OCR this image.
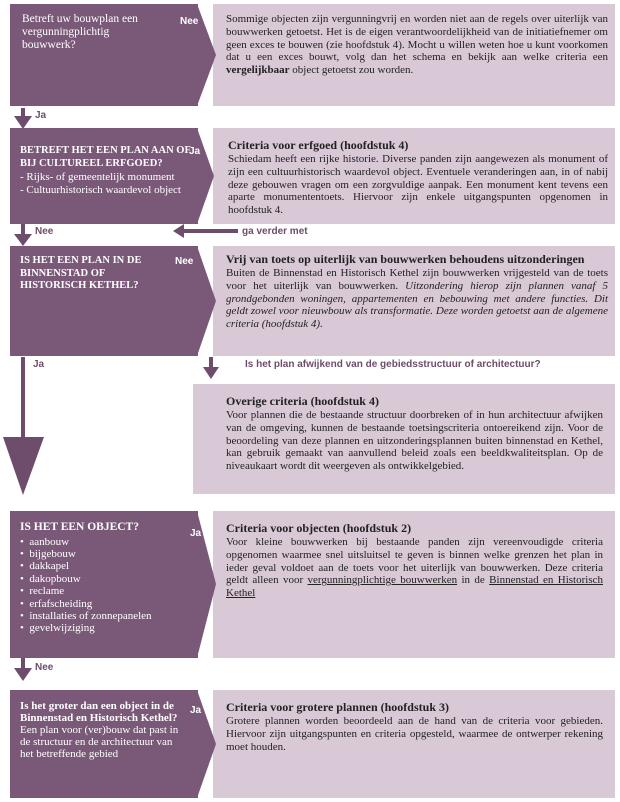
Sommige objecten zijn vergunningvrij en worden niet aan de regels over uiterlijk van bouwwerken getoetst. Het is de eigen verantwoordelijkheid van de initiatiefnemer om geen exces te bouwen (zie hoofdstuk 4). Mocht u willen weten hoe u kunt voorkomen dat u een exces bouwt, volg dan het schema en bekijk aan welke criteria een vergelijkbaar object getoetst zou worden.
Betreft uw bouwplan een vergunningplichtig bouwwerk?
Nee
Ja
Criteria voor erfgoed (hoofdstuk 4)
Schiedam heeft een rijke historie. Diverse panden zijn aangewezen als monument of zijn een cultuurhistorisch waardevol object. Eventuele veranderingen aan, in of nabij deze gebouwen vragen om een zorgvuldige aanpak. Een monument kent tevens een aparte monumententoets. Hiervoor zijn enkele uitgangspunten opgenomen in hoofdstuk 4.
BETREFT HET EEN PLAN AAN OF BIJ CULTUREEL ERFGOED?
- Rijks- of gemeentelijk monument
- Cultuurhistorisch waardevol object
Ja
Nee	ga verder met
Vrij van toets op uiterlijk van bouwwerken behoudens uitzonderingen
Buiten de Binnenstad en Historisch Kethel zijn bouwwerken vrijgesteld van de toets voor het uiterlijk van bouwwerken. Uitzondering hierop zijn plannen vanaf 5 grondgebonden woningen, appartementen en bebouwing met andere functies. Dit geldt zowel voor nieuwbouw als transformatie. Deze worden getoetst aan de algemene criteria (hoofdstuk 4).
IS HET EEN PLAN IN DE BINNENSTAD OF HISTORISCH KETHEL?
Nee
Ja	Is het plan afwijkend van de gebiedsstructuur of architectuur?
Overige criteria (hoofdstuk 4)
Voor plannen die de bestaande structuur doorbreken of in hun architectuur afwijken van de omgeving, kunnen de bestaande toetsingscriteria ontoereikend zijn. Voor de beoordeling van deze plannen en uitzonderingsplannen buiten binnenstad en Kethel, kan gebruik gemaakt van aanvullend beleid zoals een beeldkwaliteitsplan. Op de niveaukaart wordt dit weergeven als ontwikkelgebied.
Criteria voor objecten (hoofdstuk 2)
Voor kleine bouwwerken bij bestaande panden zijn vereenvoudigde criteria opgenomen waarmee snel uitsluitsel te geven is binnen welke grenzen het plan in ieder geval voldoet aan de toets voor het uiterlijk van bouwwerken. Deze criteria geldt alleen voor vergunningplichtige bouwwerken in de Binnenstad en Historisch Kethel
IS HET EEN OBJECT?
•  aanbouw
•  bijgebouw
•  dakkapel
•  dakopbouw
•  reclame
•  erfafscheiding
•  installaties of zonnepanelen
•  gevelwijziging
Ja
Nee
Criteria voor grotere plannen (hoofdstuk 3)
Grotere plannen worden beoordeeld aan de hand van de criteria voor gebieden. Hiervoor zijn uitgangspunten en criteria opgesteld, waarmee de ontwerper rekening moet houden.
Is het groter dan een object in de Binnenstad en Historisch Kethel?
Een plan voor (ver)bouw dat past in de structuur en de architectuur van het betreffende gebied
Ja
